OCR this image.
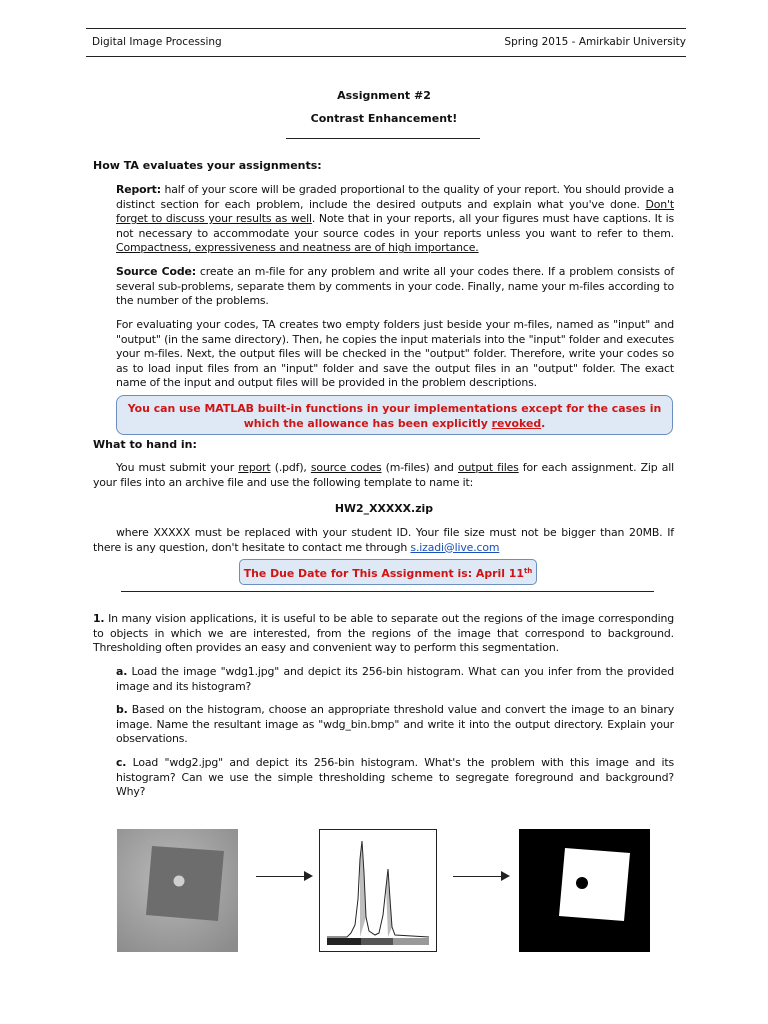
Digital Image Processing	Spring 2015 - Amirkabir University
Assignment #2
Contrast Enhancement!
How TA evaluates your assignments:
Report: half of your score will be graded proportional to the quality of your report. You should provide a distinct section for each problem, include the desired outputs and explain what you've done. Don't forget to discuss your results as well. Note that in your reports, all your figures must have captions. It is not necessary to accommodate your source codes in your reports unless you want to refer to them. Compactness, expressiveness and neatness are of high importance.
Source Code: create an m-file for any problem and write all your codes there. If a problem consists of several sub-problems, separate them by comments in your code. Finally, name your m-files according to the number of the problems.
For evaluating your codes, TA creates two empty folders just beside your m-files, named as "input" and "output" (in the same directory). Then, he copies the input materials into the "input" folder and executes your m-files. Next, the output files will be checked in the "output" folder. Therefore, write your codes so as to load input files from an "input" folder and save the output files in an "output" folder. The exact name of the input and output files will be provided in the problem descriptions.
You can use MATLAB built-in functions in your implementations except for the cases in which the allowance has been explicitly revoked.
What to hand in:
You must submit your report (.pdf), source codes (m-files) and output files for each assignment. Zip all your files into an archive file and use the following template to name it:
HW2_XXXXX.zip
where XXXXX must be replaced with your student ID. Your file size must not be bigger than 20MB. If there is any question, don't hesitate to contact me through s.izadi@live.com
The Due Date for This Assignment is: April 11th
1. In many vision applications, it is useful to be able to separate out the regions of the image corresponding to objects in which we are interested, from the regions of the image that correspond to background. Thresholding often provides an easy and convenient way to perform this segmentation.
a. Load the image "wdg1.jpg" and depict its 256-bin histogram. What can you infer from the provided image and its histogram?
b. Based on the histogram, choose an appropriate threshold value and convert the image to an binary image. Name the resultant image as "wdg_bin.bmp" and write it into the output directory. Explain your observations.
c. Load "wdg2.jpg" and depict its 256-bin histogram. What's the problem with this image and its histogram? Can we use the simple thresholding scheme to segregate foreground and background? Why?
